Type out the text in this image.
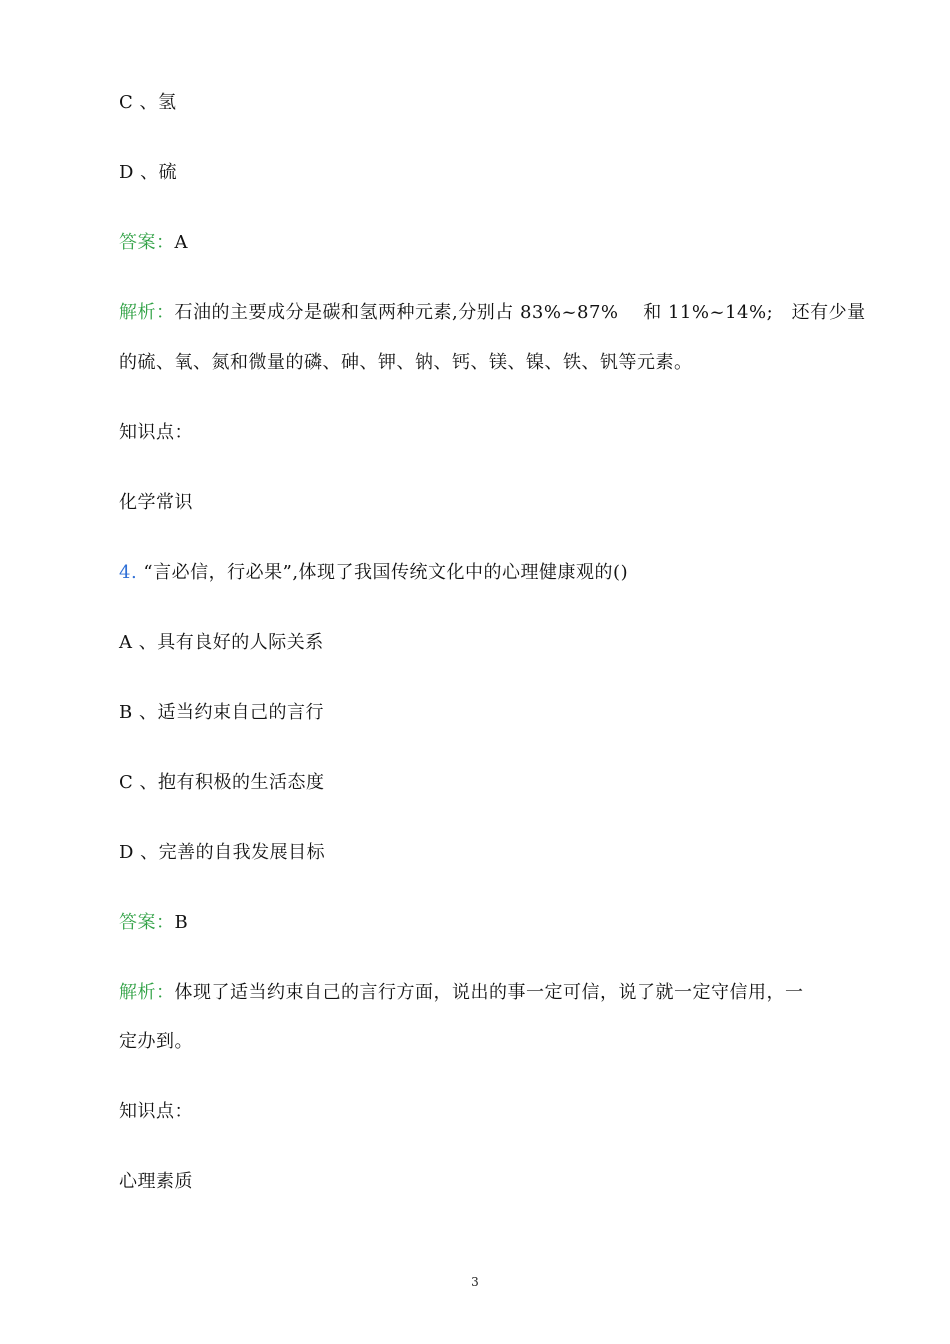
C 、氢
D 、硫
答案：A
解析：石油的主要成分是碳和氢两种元素,分别占 83%~87%　 和 11%~14%;　还有少量
的硫、氧、氮和微量的磷、砷、钾、钠、钙、镁、镍、铁、钒等元素。
知识点：
化学常识
4. “言必信，行必果”,体现了我国传统文化中的心理健康观的()
A 、具有良好的人际关系
B 、适当约束自己的言行
C 、抱有积极的生活态度
D 、完善的自我发展目标
答案：B
解析：体现了适当约束自己的言行方面，说出的事一定可信，说了就一定守信用，一
定办到。
知识点：
心理素质
3
